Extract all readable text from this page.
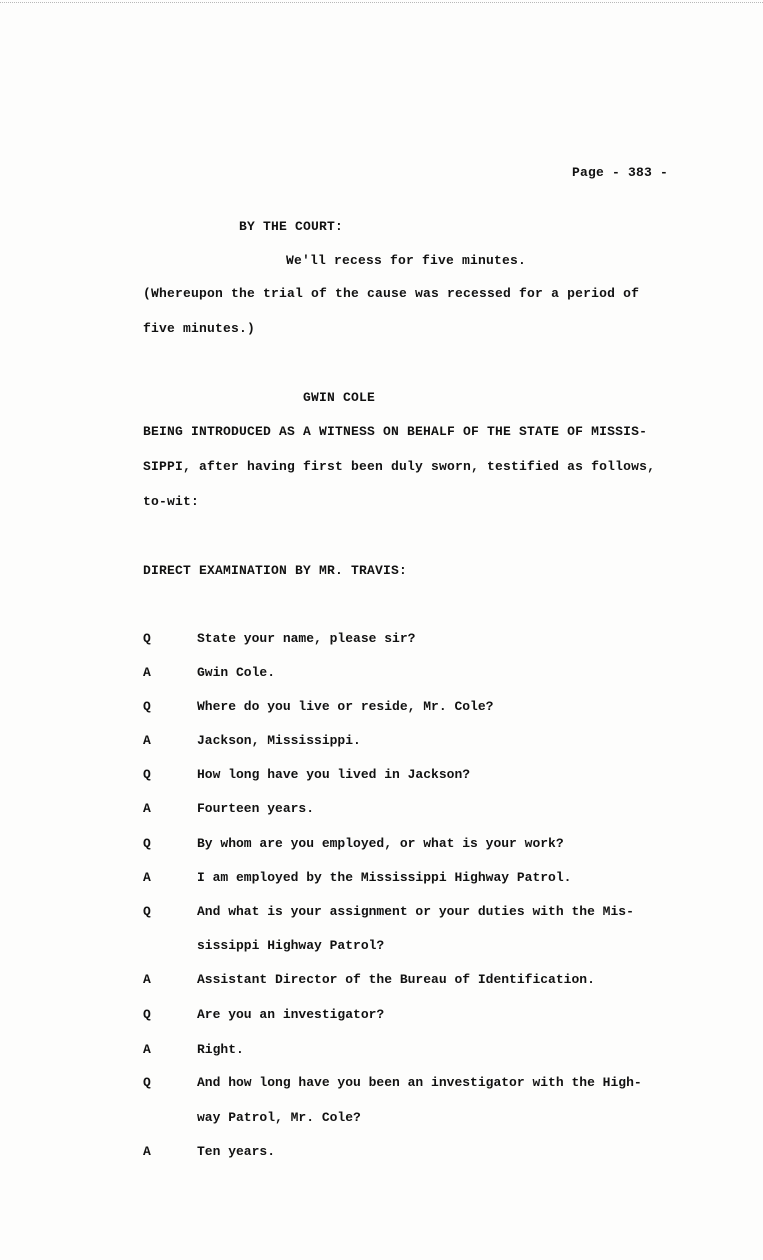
Page - 383 -
BY THE COURT:
We'll recess for five minutes.
(Whereupon the trial of the cause was recessed for a period of
five minutes.)
GWIN COLE
BEING INTRODUCED AS A WITNESS ON BEHALF OF THE STATE OF MISSIS-
SIPPI, after having first been duly sworn, testified as follows,
to-wit:
DIRECT EXAMINATION BY MR. TRAVIS:
Q	State your name, please sir?
A	Gwin Cole.
Q	Where do you live or reside, Mr. Cole?
A	Jackson, Mississippi.
Q	How long have you lived in Jackson?
A	Fourteen years.
Q	By whom are you employed, or what is your work?
A	I am employed by the Mississippi Highway Patrol.
Q	And what is your assignment or your duties with the Mis-
sissippi Highway Patrol?
A	Assistant Director of the Bureau of Identification.
Q	Are you an investigator?
A	Right.
Q	And how long have you been an investigator with the High-
way Patrol, Mr. Cole?
A	Ten years.
